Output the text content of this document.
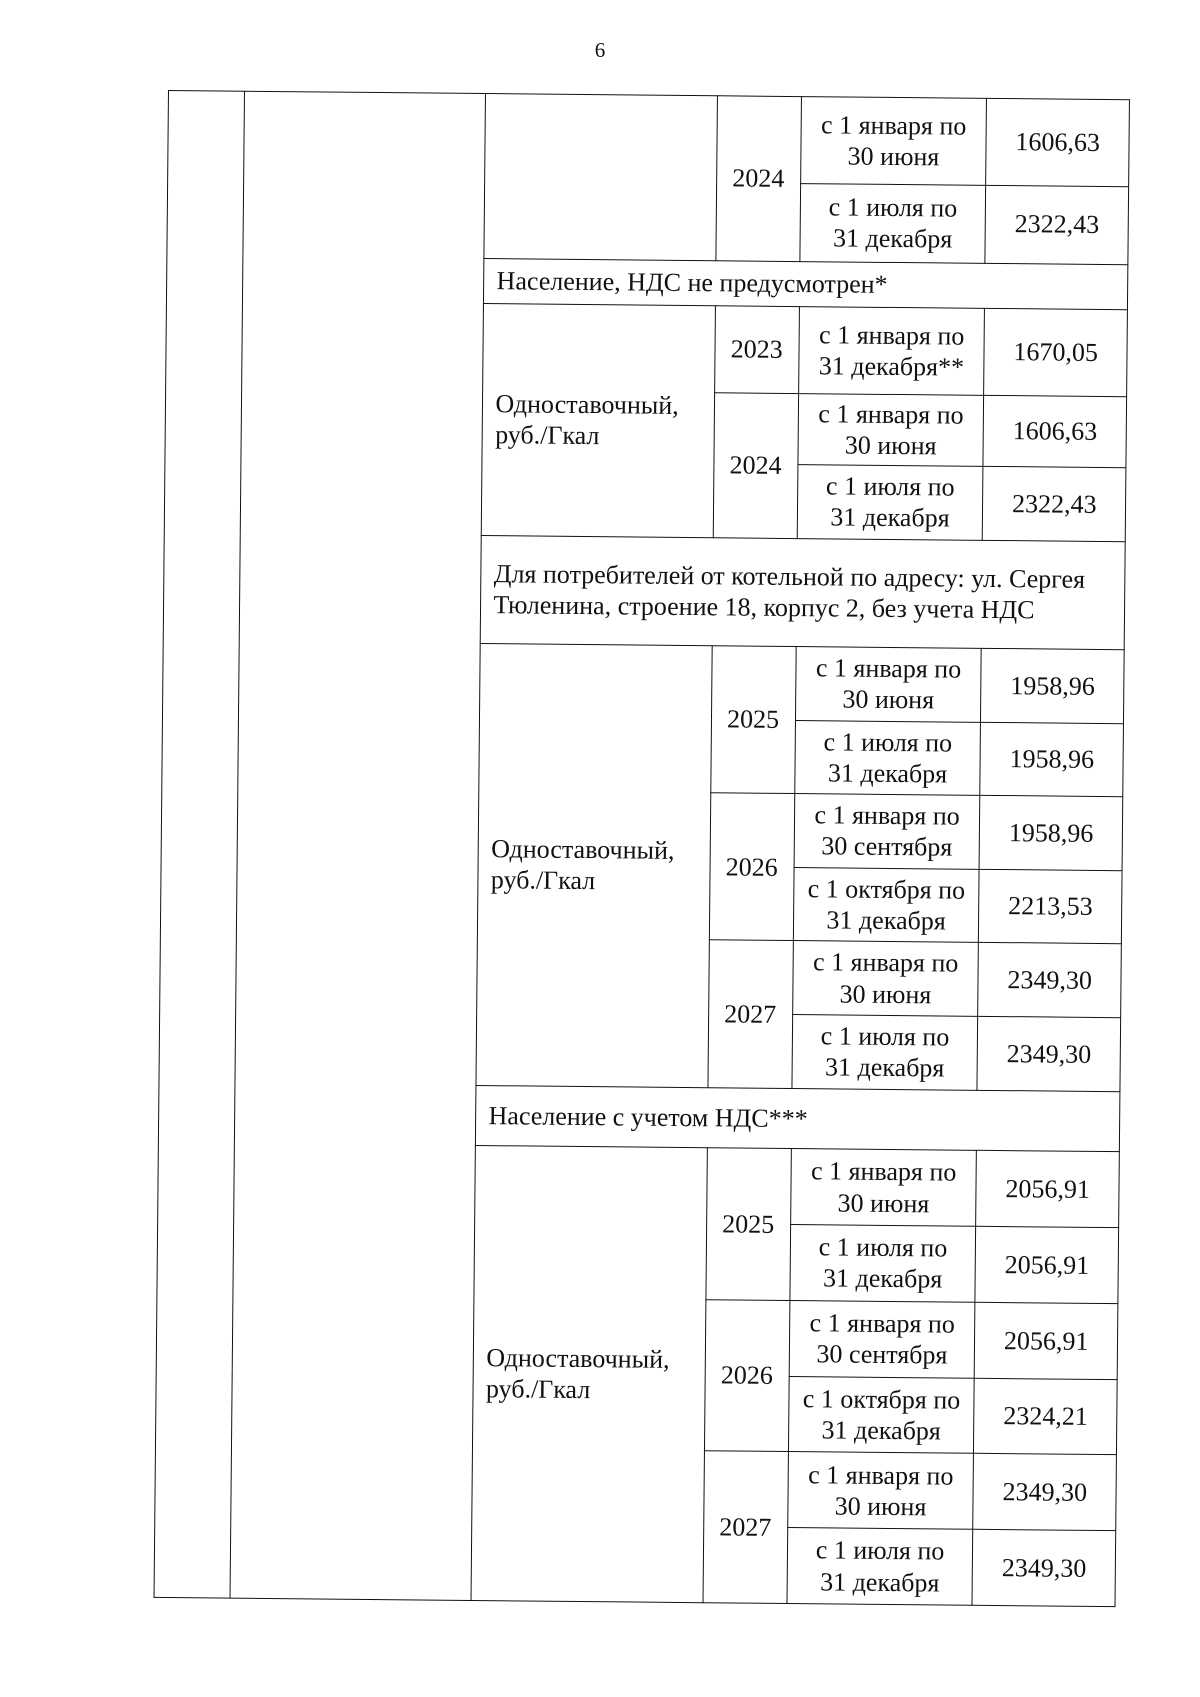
6
			2024	с 1 января по
30 июня	1606,63

				с 1 июля по
31 декабря	2322,43
		Население, НДС не предусмотрен*			
		Одноставочный, руб./Гкал	2023	с 1 января по
31 декабря**	1670,05
			2024	с 1 января по
30 июня	1606,63

				с 1 июля по
31 декабря	2322,43
		Для потребителей от котельной по адресу: ул. Сергея Тюленина, строение 18, корпус 2, без учета НДС			
		Одноставочный, руб./Гкал	2025	с 1 января по
30 июня	1958,96

				с 1 июля по
31 декабря	1958,96
			2026	с 1 января по
30 сентября	1958,96

				с 1 октября по
31 декабря	2213,53
			2027	с 1 января по
30 июня	2349,30

				с 1 июля по
31 декабря	2349,30
		Население с учетом НДС***			
		Одноставочный, руб./Гкал	2025	с 1 января по
30 июня	2056,91

				с 1 июля по
31 декабря	2056,91
			2026	с 1 января по
30 сентября	2056,91

				с 1 октября по
31 декабря	2324,21
			2027	с 1 января по
30 июня	2349,30

				с 1 июля по
31 декабря	2349,30
